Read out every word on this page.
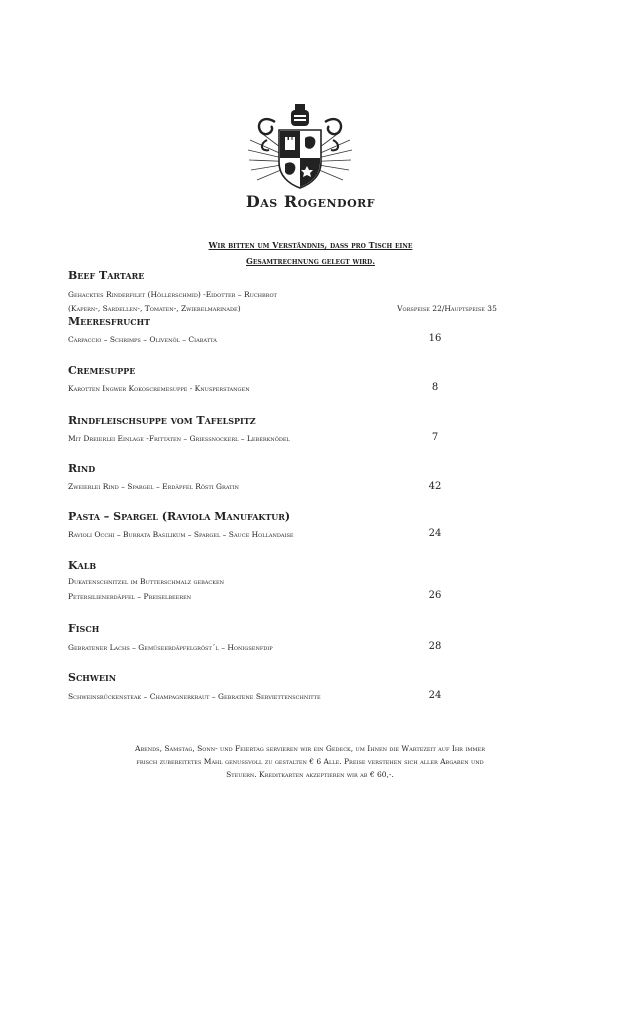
Das Rogendorf
Wir bitten um Verständnis, dass pro Tisch eine
Gesamtrechnung gelegt wird.
Beef Tartare
Gehacktes Rinderfilet (Höllerschmid) -Eidotter – Ruchbrot
(Kapern-, Sardellen-, Tomaten-, Zwiebelmarinade)	Vorspeise 22/Hauptspeise 35
Meeresfrucht
Carpaccio – Schrimps – Olivenöl – Ciabatta	16
Cremesuppe
Karotten Ingwer Kokoscremesuppe - Knusperstangen	8
Rindfleischsuppe vom Tafelspitz
Mit Dreierlei Einlage -Frittaten – Griessnockerl – Leberknödel	7
Rind
Zweierlei Rind – Spargel – Erdäpfel Rösti Gratin	42
Pasta – Spargel (Raviola Manufaktur)
Ravioli Occhi – Burrata Basilikum – Spargel – Sauce Hollandaise	24
Kalb
Dukatenschnitzel im Butterschmalz gebacken
Petersilienerdäpfel – Preiselbeeren	26
Fisch
Gebratener Lachs – Gemüseerdäpfelgröst´l – Honigsenfdip	28
Schwein
Schweinsrückensteak – Champagnerkraut – Gebratene Serviettenschnitte	24
Abends, Samstag, Sonn- und Feiertag servieren wir ein Gedeck, um Ihnen die Wartezeit auf Ihr immer
frisch zubereitetes Mahl genussvoll zu gestalten € 6 Alle. Preise verstehen sich aller Abgaben und
Steuern. Kreditkarten akzeptieren wir ab € 60,-.
